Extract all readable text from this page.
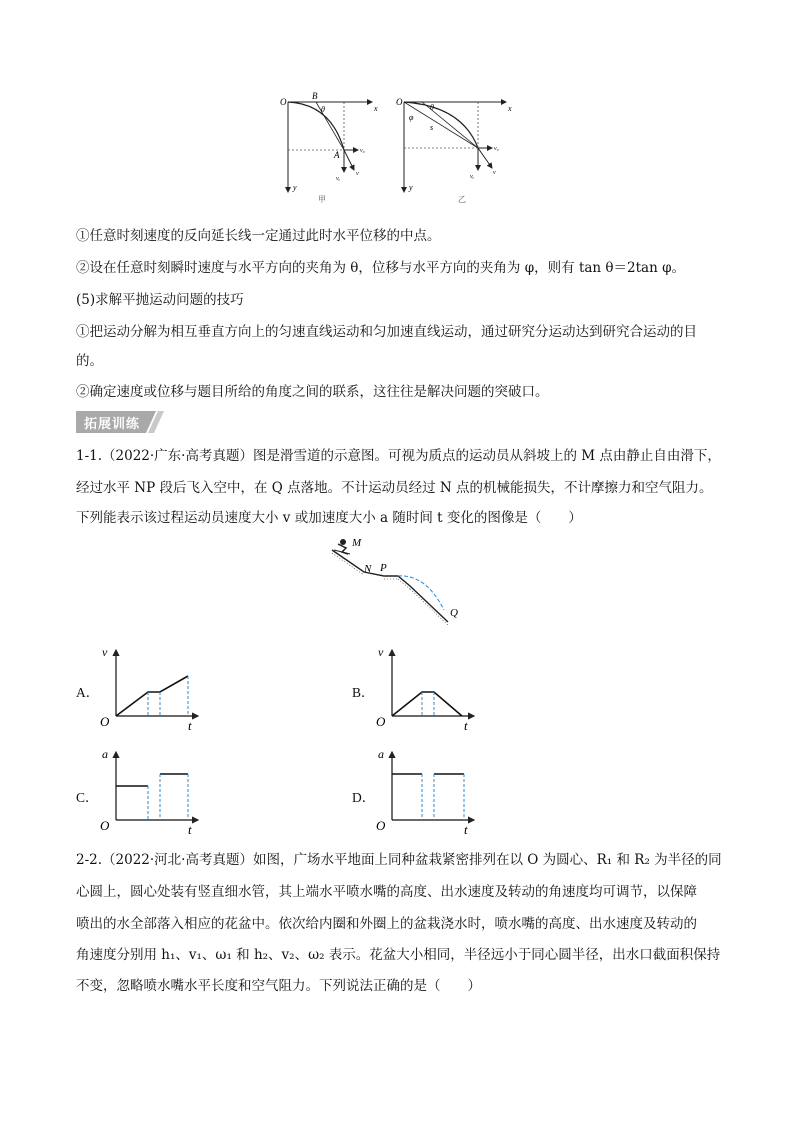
O
x
y
B
θ
A	v₀
vᵧ
v
甲
O
x
y
θ
φ
s
v₀
vᵧ
v
乙
①任意时刻速度的反向延长线一定通过此时水平位移的中点。
②设在任意时刻瞬时速度与水平方向的夹角为 θ，位移与水平方向的夹角为 φ，则有 tan θ＝2tan φ。
(5)求解平抛运动问题的技巧
①把运动分解为相互垂直方向上的匀速直线运动和匀加速直线运动，通过研究分运动达到研究合运动的目
的。
②确定速度或位移与题目所给的角度之间的联系，这往往是解决问题的突破口。
拓展训练
1-1.（2022·广东·高考真题）图是滑雪道的示意图。可视为质点的运动员从斜坡上的 M 点由静止自由滑下，
经过水平 NP 段后飞入空中，在 Q 点落地。不计运动员经过 N 点的机械能损失，不计摩擦力和空气阻力。
下列能表示该过程运动员速度大小 v 或加速度大小 a 随时间 t 变化的图像是（　　）
M
N P
Q
A．	B．
C．	D．
v
O	t
v
O	t
a
O	t
a
O	t
2-2.（2022·河北·高考真题）如图，广场水平地面上同种盆栽紧密排列在以 O 为圆心、R₁ 和 R₂ 为半径的同
心圆上，圆心处装有竖直细水管，其上端水平喷水嘴的高度、出水速度及转动的角速度均可调节，以保障
喷出的水全部落入相应的花盆中。依次给内圈和外圈上的盆栽浇水时，喷水嘴的高度、出水速度及转动的
角速度分别用 h₁、v₁、ω₁ 和 h₂、v₂、ω₂ 表示。花盆大小相同，半径远小于同心圆半径，出水口截面积保持
不变，忽略喷水嘴水平长度和空气阻力。下列说法正确的是（　　）
